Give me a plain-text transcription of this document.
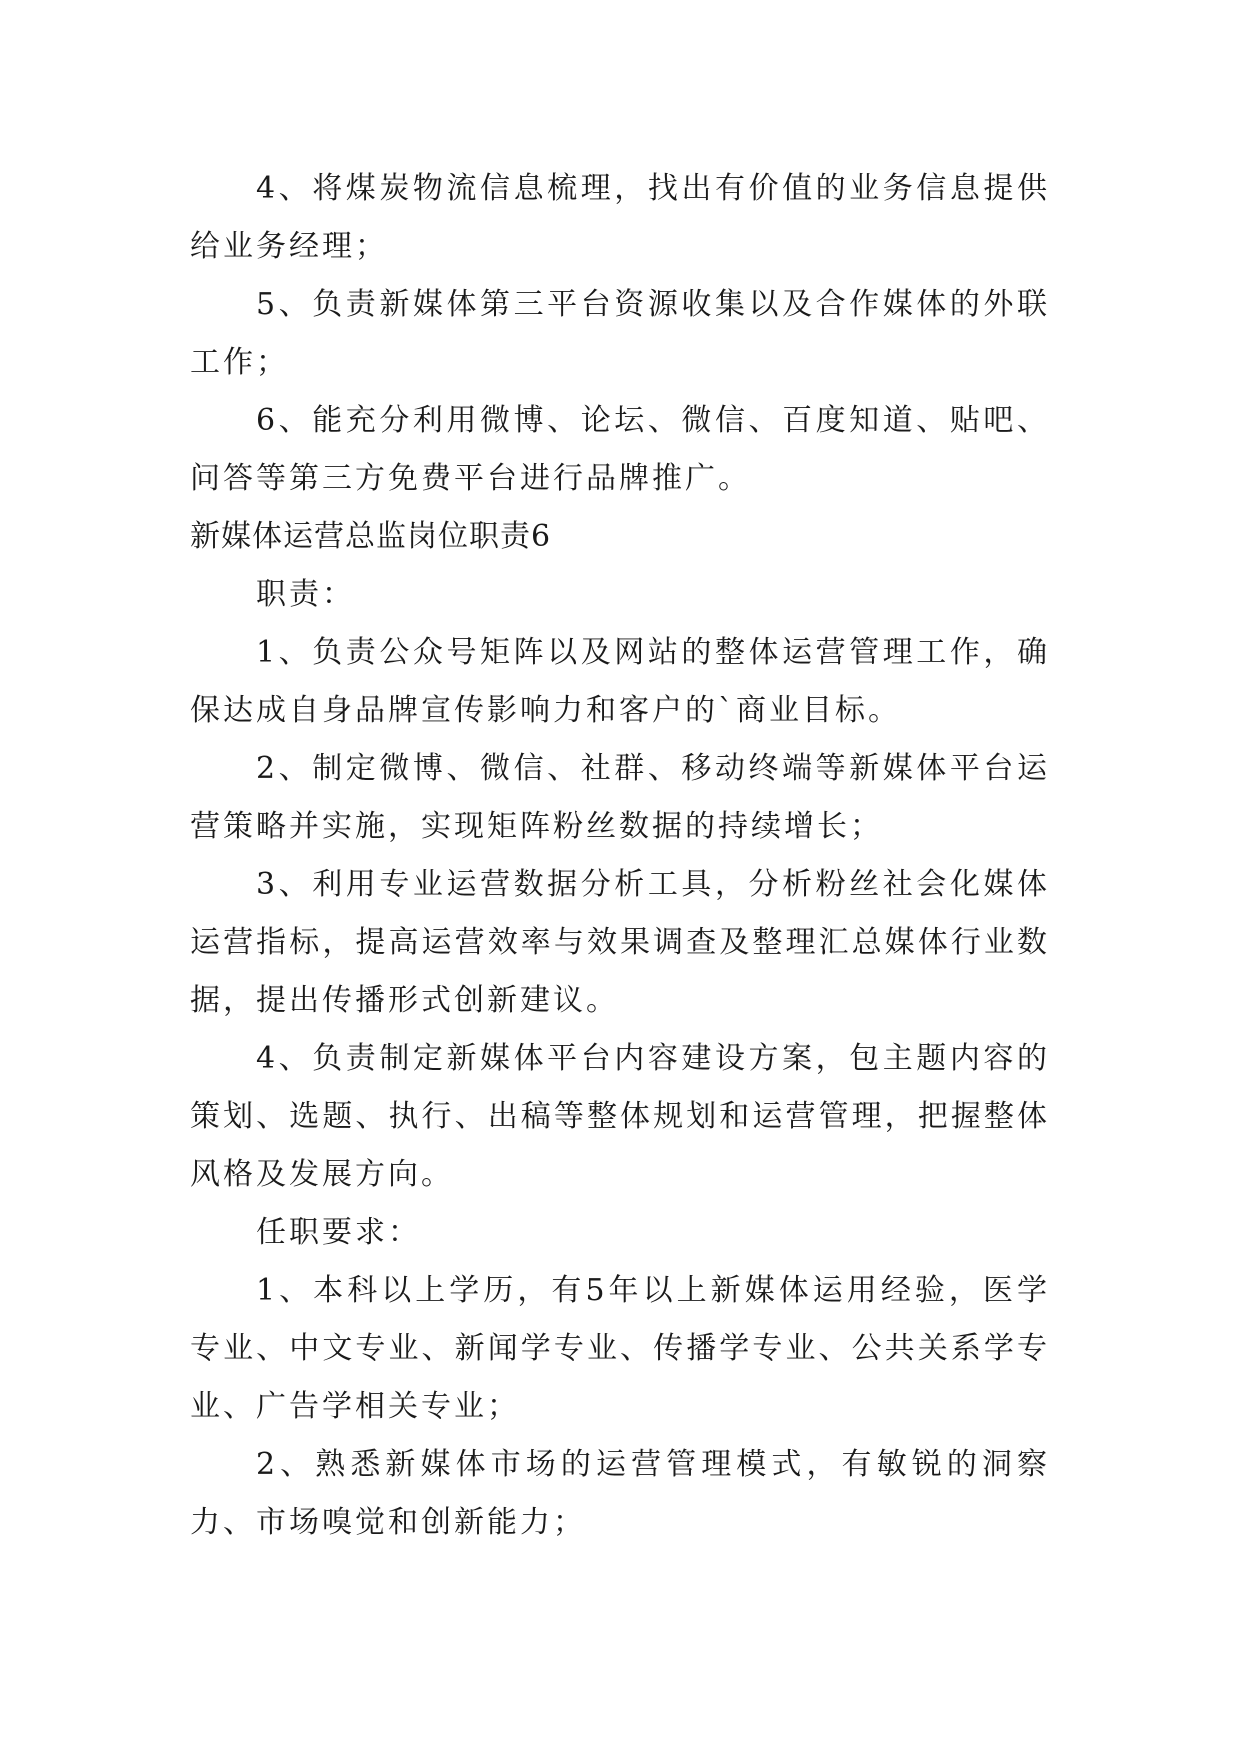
4、将煤炭物流信息梳理，找出有价值的业务信息提供给业务经理；

5、负责新媒体第三平台资源收集以及合作媒体的外联工作；

6、能充分利用微博、论坛、微信、百度知道、贴吧、问答等第三方免费平台进行品牌推广。

新媒体运营总监岗位职责6

职责：

1、负责公众号矩阵以及网站的整体运营管理工作，确保达成自身品牌宣传影响力和客户的`商业目标。

2、制定微博、微信、社群、移动终端等新媒体平台运营策略并实施，实现矩阵粉丝数据的持续增长；

3、利用专业运营数据分析工具，分析粉丝社会化媒体运营指标，提高运营效率与效果调查及整理汇总媒体行业数据，提出传播形式创新建议。

4、负责制定新媒体平台内容建设方案，包主题内容的策划、选题、执行、出稿等整体规划和运营管理，把握整体风格及发展方向。

任职要求：

1、本科以上学历，有5年以上新媒体运用经验，医学专业、中文专业、新闻学专业、传播学专业、公共关系学专业、广告学相关专业；

2、熟悉新媒体市场的运营管理模式，有敏锐的洞察力、市场嗅觉和创新能力；
